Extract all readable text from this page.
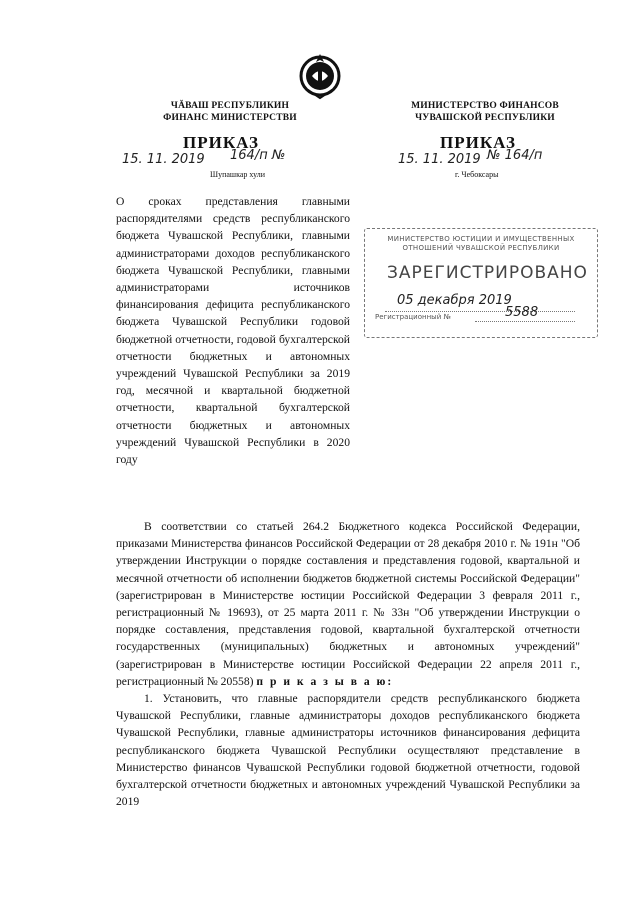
ЧĂВАШ РЕСПУБЛИКИН
ФИНАНС МИНИСТЕРСТВИ
МИНИСТЕРСТВО ФИНАНСОВ
ЧУВАШСКОЙ РЕСПУБЛИКИ
ПРИКАЗ	ПРИКАЗ
15. 11. 2019 164/п №
Шупашкар хули
15. 11. 2019 № 164/п
г. Чебоксары
О сроках представления главными распорядителями средств республиканского бюджета Чувашской Республики, главными администраторами доходов республиканского бюджета Чувашской Республики, главными администраторами источников финансирования дефицита республиканского бюджета Чувашской Республики годовой бюджетной отчетности, годовой бухгалтерской отчетности бюджетных и автономных учреждений Чувашской Республики за 2019 год, месячной и квартальной бюджетной отчетности, квартальной бухгалтерской отчетности бюджетных и автономных учреждений Чувашской Республики в 2020 году
МИНИСТЕРСТВО ЮСТИЦИИ И ИМУЩЕСТВЕННЫХ
ОТНОШЕНИЙ ЧУВАШСКОЙ РЕСПУБЛИКИ
ЗАРЕГИСТРИРОВАНО
05 декабря 2019
Регистрационный №	5588

В соответствии со статьей 264.2 Бюджетного кодекса Российской Федерации, приказами Министерства финансов Российской Федерации от 28 декабря 2010 г. № 191н "Об утверждении Инструкции о порядке составления и представления годовой, квартальной и месячной отчетности об исполнении бюджетов бюджетной системы Российской Федерации" (зарегистрирован в Министерстве юстиции Российской Федерации 3 февраля 2011 г., регистрационный № 19693), от 25 марта 2011 г. № 33н "Об утверждении Инструкции о порядке составления, представления годовой, квартальной бухгалтерской отчетности государственных (муниципальных) бюджетных и автономных учреждений" (зарегистрирован в Министерстве юстиции Российской Федерации 22 апреля 2011 г., регистрационный № 20558) п р и к а з ы в а ю:

1. Установить, что главные распорядители средств республиканского бюджета Чувашской Республики, главные администраторы доходов республиканского бюджета Чувашской Республики, главные администраторы источников финансирования дефицита республиканского бюджета Чувашской Республики осуществляют представление в Министерство финансов Чувашской Республики годовой бюджетной отчетности, годовой бухгалтерской отчетности бюджетных и автономных учреждений Чувашской Республики за 2019
